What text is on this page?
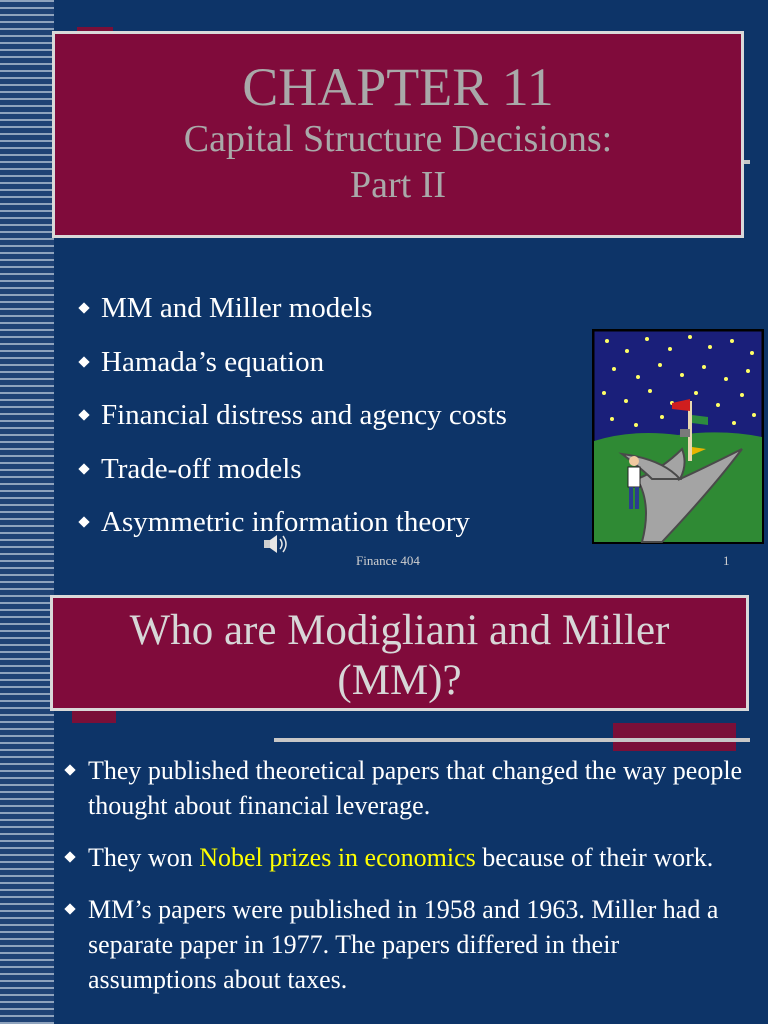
CHAPTER 11
Capital Structure Decisions:
Part II
MM and Miller models
Hamada’s equation
Financial distress and agency costs
Trade-off models
Asymmetric information theory
Finance 404	1
Who are Modigliani and Miller
(MM)?
They published theoretical papers that changed the way people thought about financial leverage.
They won Nobel prizes in economics because of their work.
MM’s papers were published in 1958 and 1963. Miller had a separate paper in 1977. The papers differed in their assumptions about taxes.
